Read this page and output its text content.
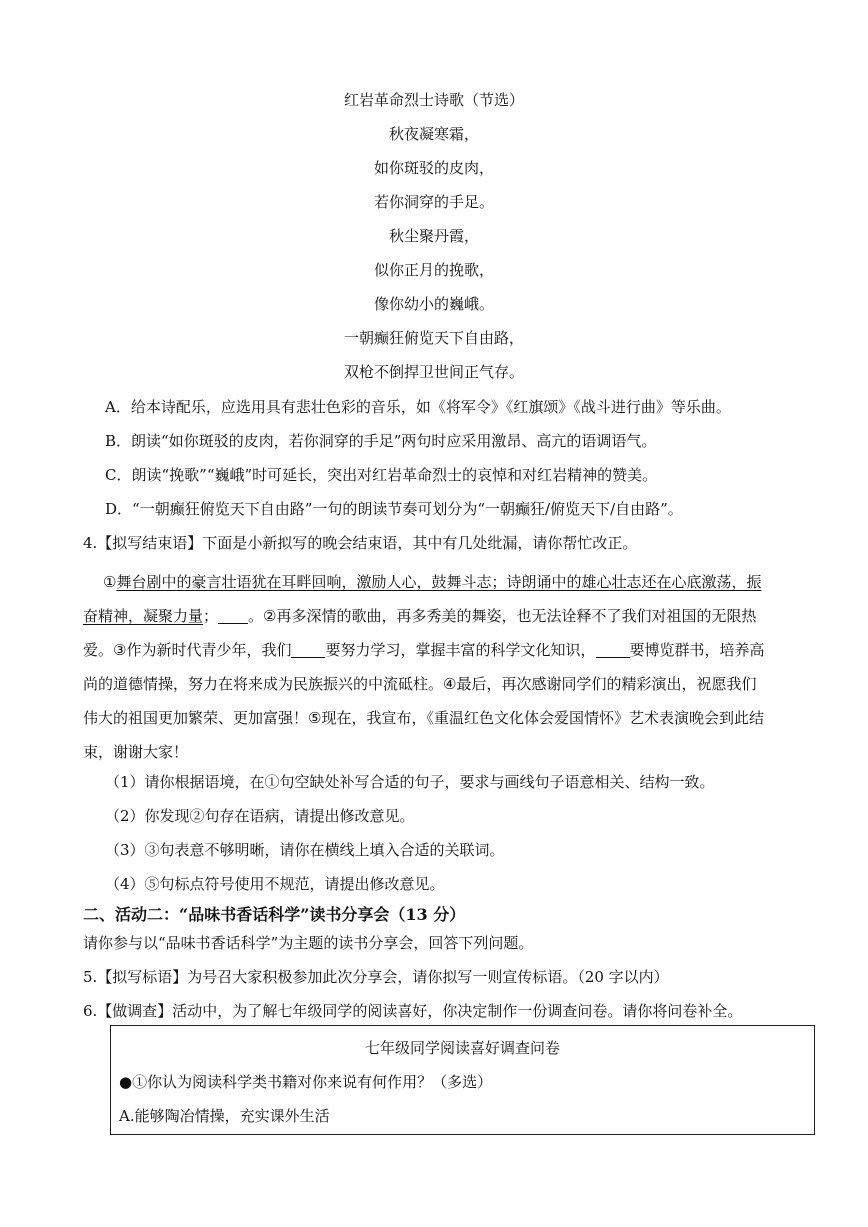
红岩革命烈士诗歌（节选）
秋夜凝寒霜，
如你斑驳的皮肉，
若你洞穿的手足。
秋尘聚丹霞，
似你正月的挽歌，
像你幼小的巍峨。
一朝癫狂俯览天下自由路，
双枪不倒捍卫世间正气存。
A．给本诗配乐，应选用具有悲壮色彩的音乐，如《将军令》《红旗颂》《战斗进行曲》等乐曲。
B．朗读“如你斑驳的皮肉，若你洞穿的手足”两句时应采用激昂、高亢的语调语气。
C．朗读“挽歌”“巍峨”时可延长，突出对红岩革命烈士的哀悼和对红岩精神的赞美。
D．“一朝癫狂俯览天下自由路”一句的朗读节奏可划分为“一朝癫狂/俯览天下/自由路”。
4.【拟写结束语】下面是小新拟写的晚会结束语，其中有几处纰漏，请你帮忙改正。
①舞台剧中的豪言壮语犹在耳畔回响，激励人心，鼓舞斗志；诗朗诵中的雄心壮志还在心底激荡，振
奋精神，凝聚力量； 。②再多深情的歌曲，再多秀美的舞姿，也无法诠释不了我们对祖国的无限热
爱。③作为新时代青少年，我们 要努力学习，掌握丰富的科学文化知识， 要博览群书，培养高
尚的道德情操，努力在将来成为民族振兴的中流砥柱。④最后，再次感谢同学们的精彩演出，祝愿我们
伟大的祖国更加繁荣、更加富强！⑤现在，我宣布，《重温红色文化体会爱国情怀》艺术表演晚会到此结
束，谢谢大家！
（1）请你根据语境，在①句空缺处补写合适的句子，要求与画线句子语意相关、结构一致。
（2）你发现②句存在语病，请提出修改意见。
（3）③句表意不够明晰，请你在横线上填入合适的关联词。
（4）⑤句标点符号使用不规范，请提出修改意见。
二、活动二：“品味书香话科学”读书分享会（13 分）
请你参与以“品味书香话科学”为主题的读书分享会，回答下列问题。
5.【拟写标语】为号召大家积极参加此次分享会，请你拟写一则宣传标语。（20 字以内）
6.【做调查】活动中，为了解七年级同学的阅读喜好，你决定制作一份调查问卷。请你将问卷补全。
七年级同学阅读喜好调查问卷
●①你认为阅读科学类书籍对你来说有何作用？（多选）
A.能够陶冶情操，充实课外生活
